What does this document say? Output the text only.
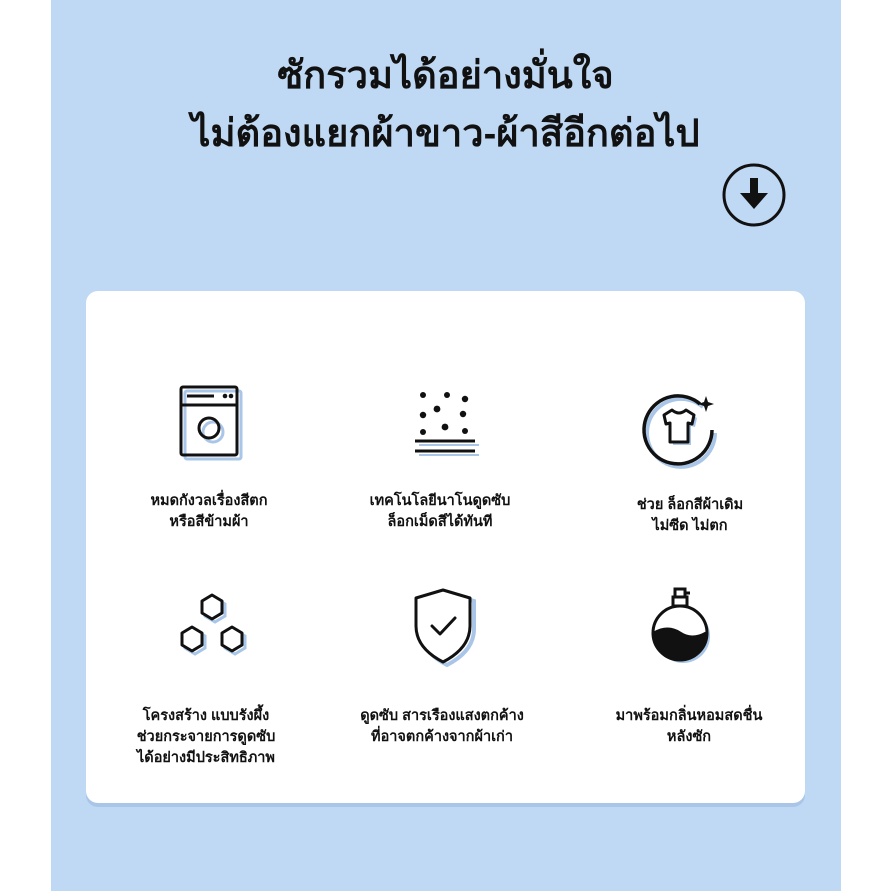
ซักรวมได้อย่างมั่นใจ
ไม่ต้องแยกผ้าขาว-ผ้าสีอีกต่อไป

หมดกังวลเรื่องสีตก
หรือสีข้ามผ้า

เทคโนโลยีนาโนดูดซับ
ล็อกเม็ดสีได้ทันที

ช่วย ล็อกสีผ้าเดิม
ไม่ซีด ไม่ตก

โครงสร้าง แบบรังผึ้ง
ช่วยกระจายการดูดซับ
ได้อย่างมีประสิทธิภาพ

ดูดซับ สารเรืองแสงตกค้าง
ที่อาจตกค้างจากผ้าเก่า

มาพร้อมกลิ่นหอมสดชื่น
หลังซัก
